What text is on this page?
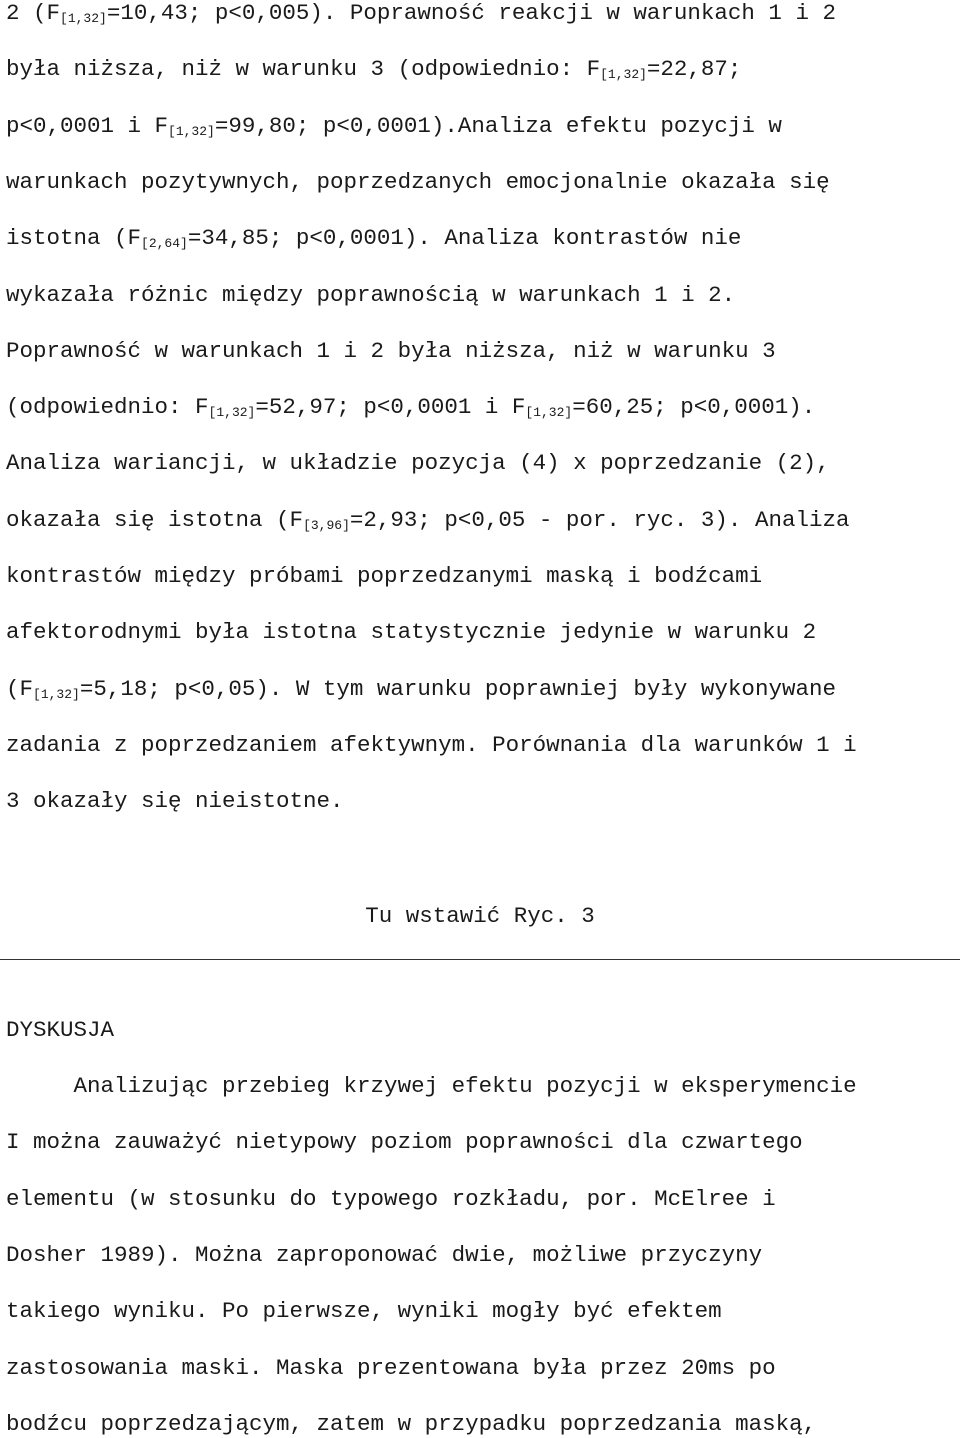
2 ($F_{[1,32]}=10,43$; p<0,005). Poprawność reakcji w warunkach 1 i 2
była niższa, niż w warunku 3 (odpowiednio: $F_{[1,32]}=22,87$;
p<0,0001 i $F_{[1,32]}=99,80$; p<0,0001).Analiza efektu pozycji w
warunkach pozytywnych, poprzedzanych emocjonalnie okazała się
istotna ($F_{[2,64]}=34,85$; p<0,0001). Analiza kontrastów nie
wykazała różnic między poprawnością w warunkach 1 i 2.
Poprawność w warunkach 1 i 2 była niższa, niż w warunku 3
(odpowiednio: $F_{[1,32]}=52,97$; p<0,0001 i $F_{[1,32]}=60,25$; p<0,0001).
Analiza wariancji, w układzie pozycja (4) x poprzedzanie (2),
okazała się istotna ($F_{[3,96]}=2,93$; p<0,05 - por. ryc. 3). Analiza
kontrastów między próbami poprzedzanymi maską i bodźcami
afektorodnymi była istotna statystycznie jedynie w warunku 2
($F_{[1,32]}=5,18$; p<0,05). W tym warunku poprawniej były wykonywane
zadania z poprzedzaniem afektywnym. Porównania dla warunków 1 i
3 okazały się nieistotne.
Tu wstawić Ryc. 3
DYSKUSJA
Analizując przebieg krzywej efektu pozycji w eksperymencie
I można zauważyć nietypowy poziom poprawności dla czwartego
elementu (w stosunku do typowego rozkładu, por. McElree i
Dosher 1989). Można zaproponować dwie, możliwe przyczyny
takiego wyniku. Po pierwsze, wyniki mogły być efektem
zastosowania maski. Maska prezentowana była przez 20ms po
bodźcu poprzedzającym, zatem w przypadku poprzedzania maską,
